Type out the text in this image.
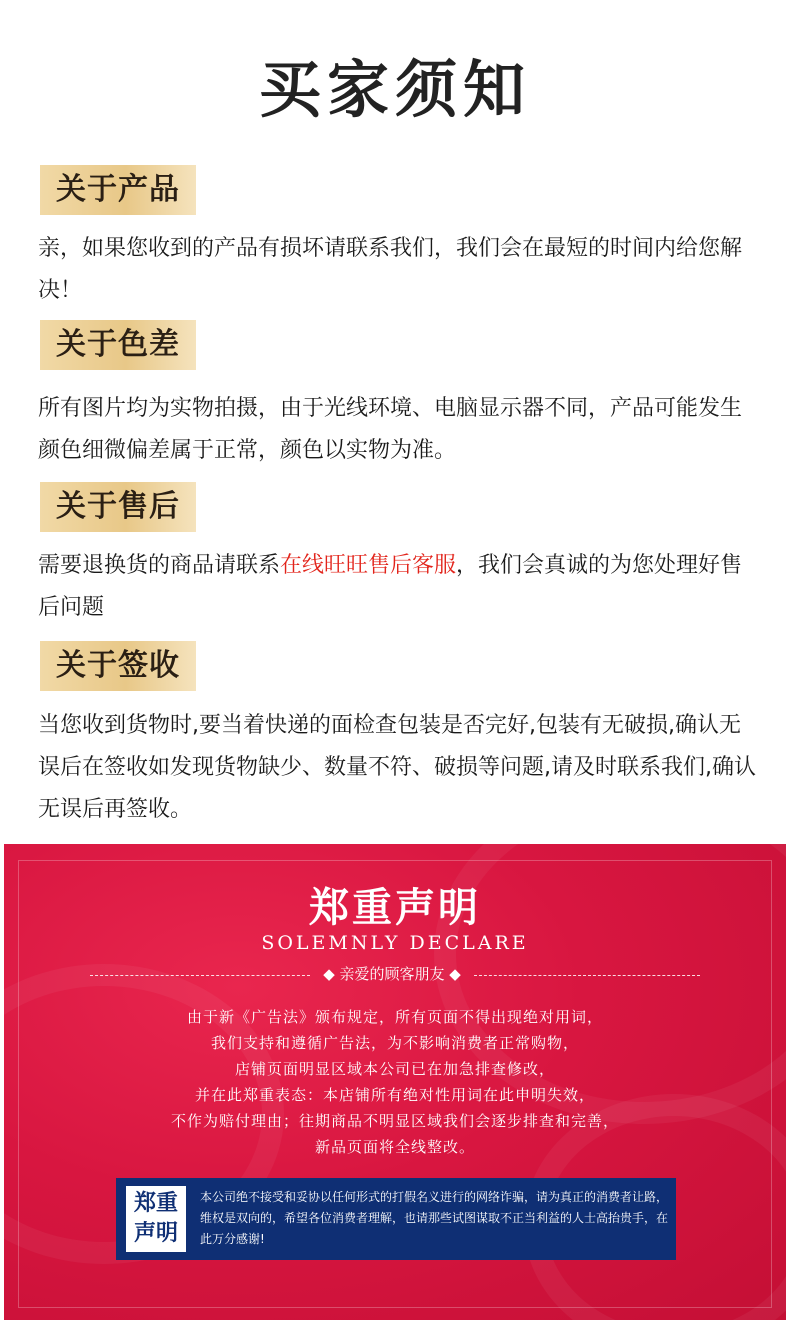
买家须知
关于产品
亲，如果您收到的产品有损坏请联系我们，我们会在最短的时间内给您解决！
关于色差
所有图片均为实物拍摄，由于光线环境、电脑显示器不同，产品可能发生颜色细微偏差属于正常，颜色以实物为准。
关于售后
需要退换货的商品请联系在线旺旺售后客服，我们会真诚的为您处理好售后问题
关于签收
当您收到货物时,要当着快递的面检查包装是否完好,包装有无破损,确认无误后在签收如发现货物缺少、数量不符、破损等问题,请及时联系我们,确认无误后再签收。
郑重声明
SOLEMNLY DECLARE
◆ 亲爱的顾客朋友 ◆
由于新《广告法》颁布规定，所有页面不得出现绝对用词，
我们支持和遵循广告法，为不影响消费者正常购物，
店铺页面明显区域本公司已在加急排查修改，
并在此郑重表态：本店铺所有绝对性用词在此申明失效，
不作为赔付理由；往期商品不明显区域我们会逐步排查和完善，
新品页面将全线整改。
郑重
声明
本公司绝不接受和妥协以任何形式的打假名义进行的网络诈骗，请为真正的消费者让路，维权是双向的，希望各位消费者理解，也请那些试图谋取不正当利益的人士高抬贵手，在此万分感谢!
